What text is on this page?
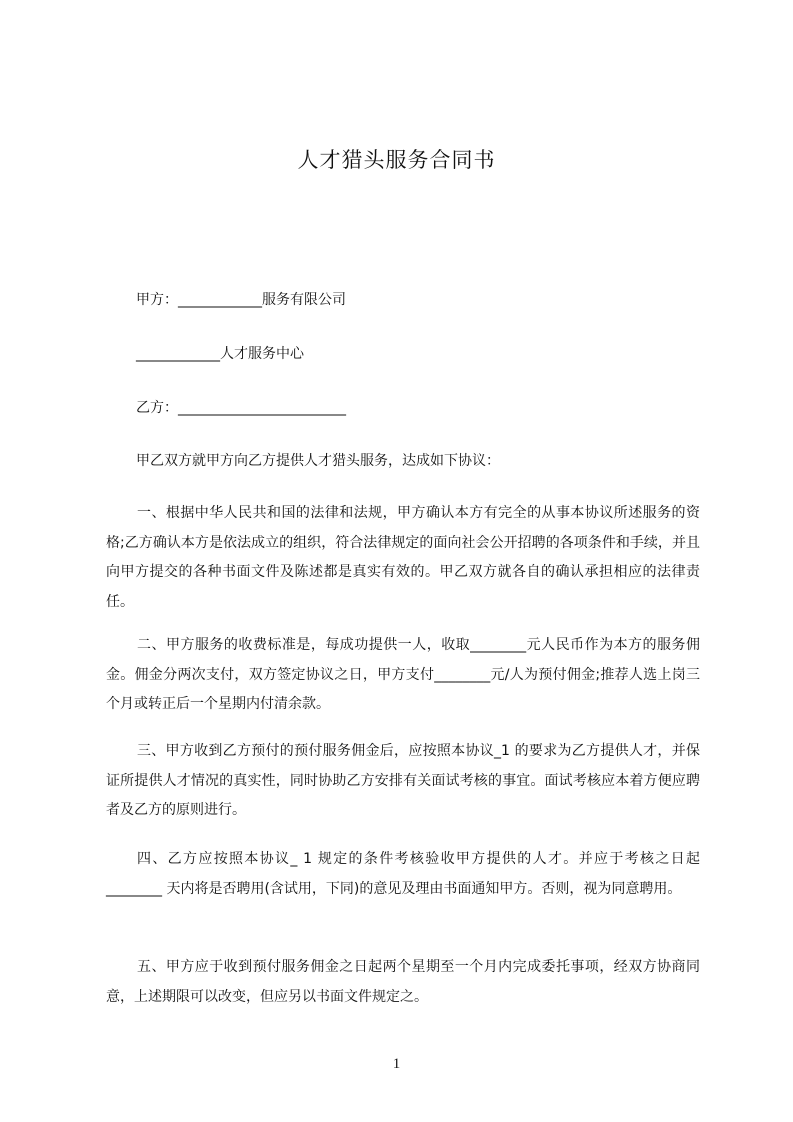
人才猎头服务合同书
甲方：____________服务有限公司
____________人才服务中心
乙方：________________________
甲乙双方就甲方向乙方提供人才猎头服务，达成如下协议：
一、根据中华人民共和国的法律和法规，甲方确认本方有完全的从事本协议所述服务的资格;乙方确认本方是依法成立的组织，符合法律规定的面向社会公开招聘的各项条件和手续，并且向甲方提交的各种书面文件及陈述都是真实有效的。甲乙双方就各自的确认承担相应的法律责任。
二、甲方服务的收费标准是，每成功提供一人，收取________元人民币作为本方的服务佣金。佣金分两次支付，双方签定协议之日，甲方支付________元/人为预付佣金;推荐人选上岗三个月或转正后一个星期内付清余款。
三、甲方收到乙方预付的预付服务佣金后，应按照本协议_1 的要求为乙方提供人才，并保证所提供人才情况的真实性，同时协助乙方安排有关面试考核的事宜。面试考核应本着方便应聘者及乙方的原则进行。
四、乙方应按照本协议_ 1 规定的条件考核验收甲方提供的人才。并应于考核之日起________ 天内将是否聘用(含试用，下同)的意见及理由书面通知甲方。否则，视为同意聘用。
五、甲方应于收到预付服务佣金之日起两个星期至一个月内完成委托事项，经双方协商同意，上述期限可以改变，但应另以书面文件规定之。
1
